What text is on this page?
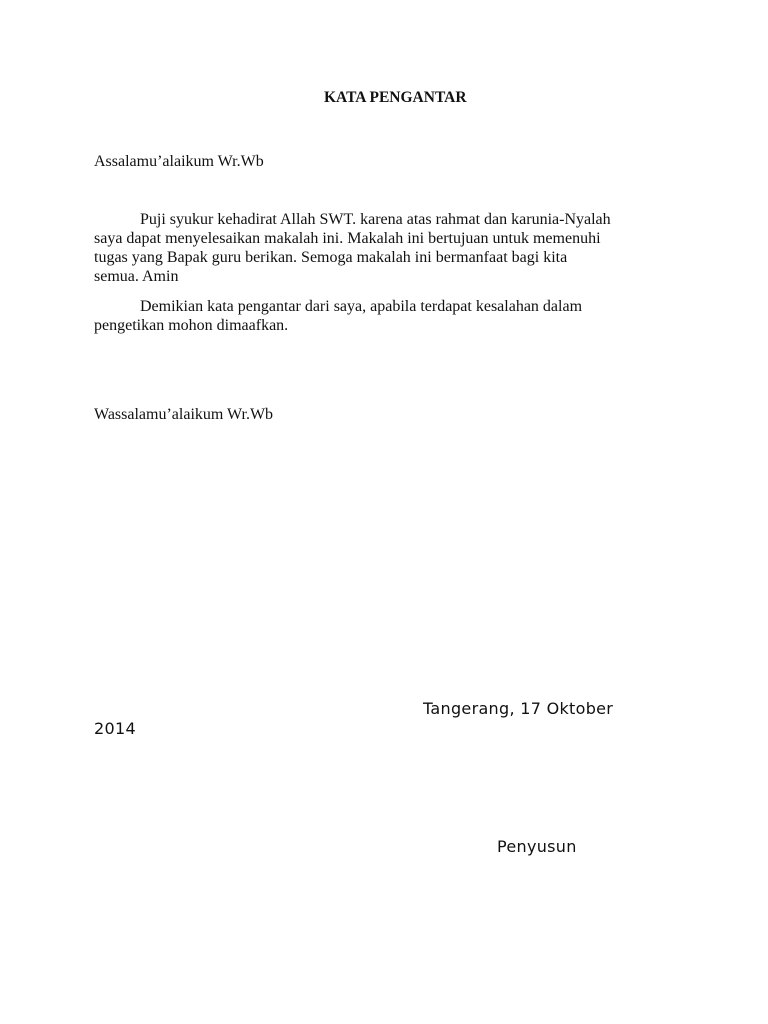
KATA PENGANTAR
Assalamu’alaikum Wr.Wb
Puji syukur kehadirat Allah SWT. karena atas rahmat dan karunia-Nyalah
saya dapat menyelesaikan makalah ini. Makalah ini bertujuan untuk memenuhi
tugas yang Bapak guru berikan. Semoga makalah ini bermanfaat bagi kita
semua. Amin
Demikian kata pengantar dari saya, apabila terdapat kesalahan dalam
pengetikan mohon dimaafkan.
Wassalamu’alaikum Wr.Wb
Tangerang, 17 Oktober
2014
Penyusun
